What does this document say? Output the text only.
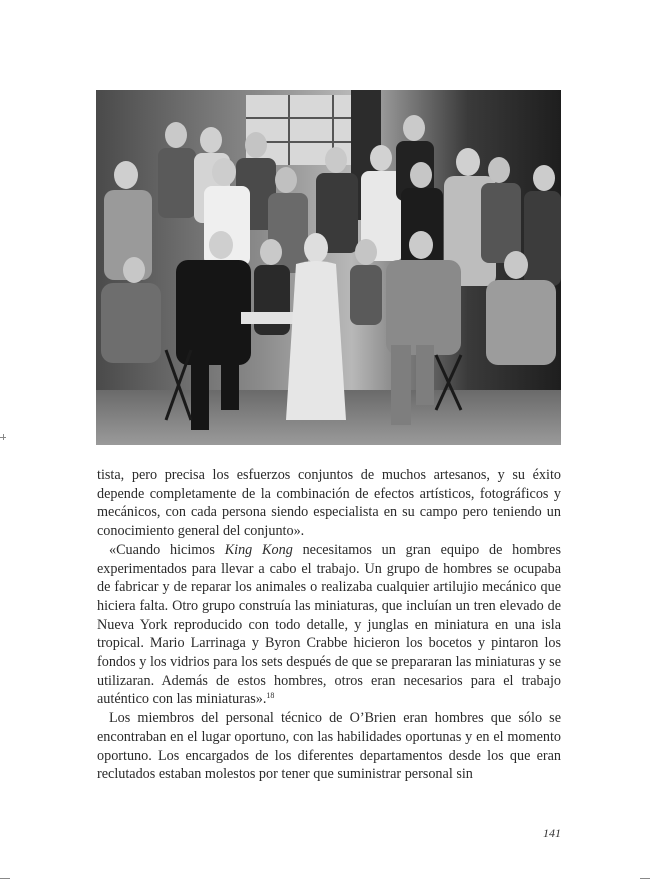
tista, pero precisa los esfuerzos conjuntos de muchos artesanos, y su éxito depende completamente de la combinación de efectos artísticos, fotográficos y mecánicos, con cada persona siendo especialista en su campo pero teniendo un conocimiento general del conjunto».

«Cuando hicimos King Kong necesitamos un gran equipo de hombres experimentados para llevar a cabo el trabajo. Un grupo de hombres se ocupaba de fabricar y de reparar los animales o realizaba cualquier artilujio mecánico que hiciera falta. Otro grupo construía las miniaturas, que incluían un tren elevado de Nueva York reproducido con todo detalle, y junglas en miniatura en una isla tropical. Mario Larrinaga y Byron Crabbe hicieron los bocetos y pintaron los fondos y los vidrios para los sets después de que se prepararan las miniaturas y se utilizaran. Además de estos hombres, otros eran necesarios para el trabajo auténtico con las miniaturas».$^{18}$

Los miembros del personal técnico de O’Brien eran hombres que sólo se encontraban en el lugar oportuno, con las habilidades oportunas y en el momento oportuno. Los encargados de los diferentes departamentos desde los que eran reclutados estaban molestos por tener que suministrar personal sin

141
